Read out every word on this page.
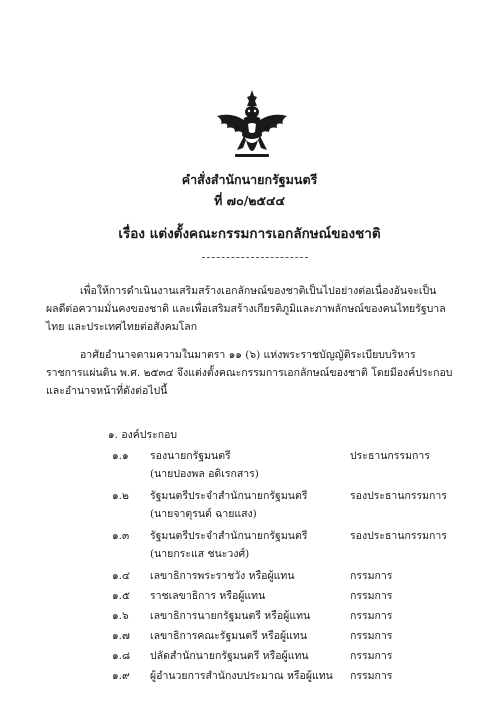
คำสั่งสำนักนายกรัฐมนตรี
ที่ ๗๐/๒๕๔๔
เรื่อง แต่งตั้งคณะกรรมการเอกลักษณ์ของชาติ
เพื่อให้การดำเนินงานเสริมสร้างเอกลักษณ์ของชาติเป็นไปอย่างต่อเนื่องอันจะเป็น
ผลดีต่อความมั่นคงของชาติ และเพื่อเสริมสร้างเกียรติภูมิและภาพลักษณ์ของคนไทยรัฐบาล
ไทย และประเทศไทยต่อสังคมโลก
อาศัยอำนาจตามความในมาตรา ๑๑ (๖) แห่งพระราชบัญญัติระเบียบบริหาร
ราชการแผ่นดิน พ.ศ. ๒๕๓๔ จึงแต่งตั้งคณะกรรมการเอกลักษณ์ของชาติ โดยมีองค์ประกอบ
และอำนาจหน้าที่ดังต่อไปนี้
๑. องค์ประกอบ
๑.๑ รองนายกรัฐมนตรี	ประธานกรรมการ
(นายปองพล อดิเรกสาร)
๑.๒ รัฐมนตรีประจำสำนักนายกรัฐมนตรี	รองประธานกรรมการ
(นายจาตุรนต์ ฉายแสง)
๑.๓ รัฐมนตรีประจำสำนักนายกรัฐมนตรี	รองประธานกรรมการ
(นายกระแส ชนะวงศ์)
๑.๔ เลขาธิการพระราชวัง หรือผู้แทน	กรรมการ
๑.๕ ราชเลขาธิการ หรือผู้แทน	กรรมการ
๑.๖ เลขาธิการนายกรัฐมนตรี หรือผู้แทน	กรรมการ
๑.๗ เลขาธิการคณะรัฐมนตรี หรือผู้แทน	กรรมการ
๑.๘ ปลัดสำนักนายกรัฐมนตรี หรือผู้แทน	กรรมการ
๑.๙ ผู้อำนวยการสำนักงบประมาณ หรือผู้แทน กรรมการ
